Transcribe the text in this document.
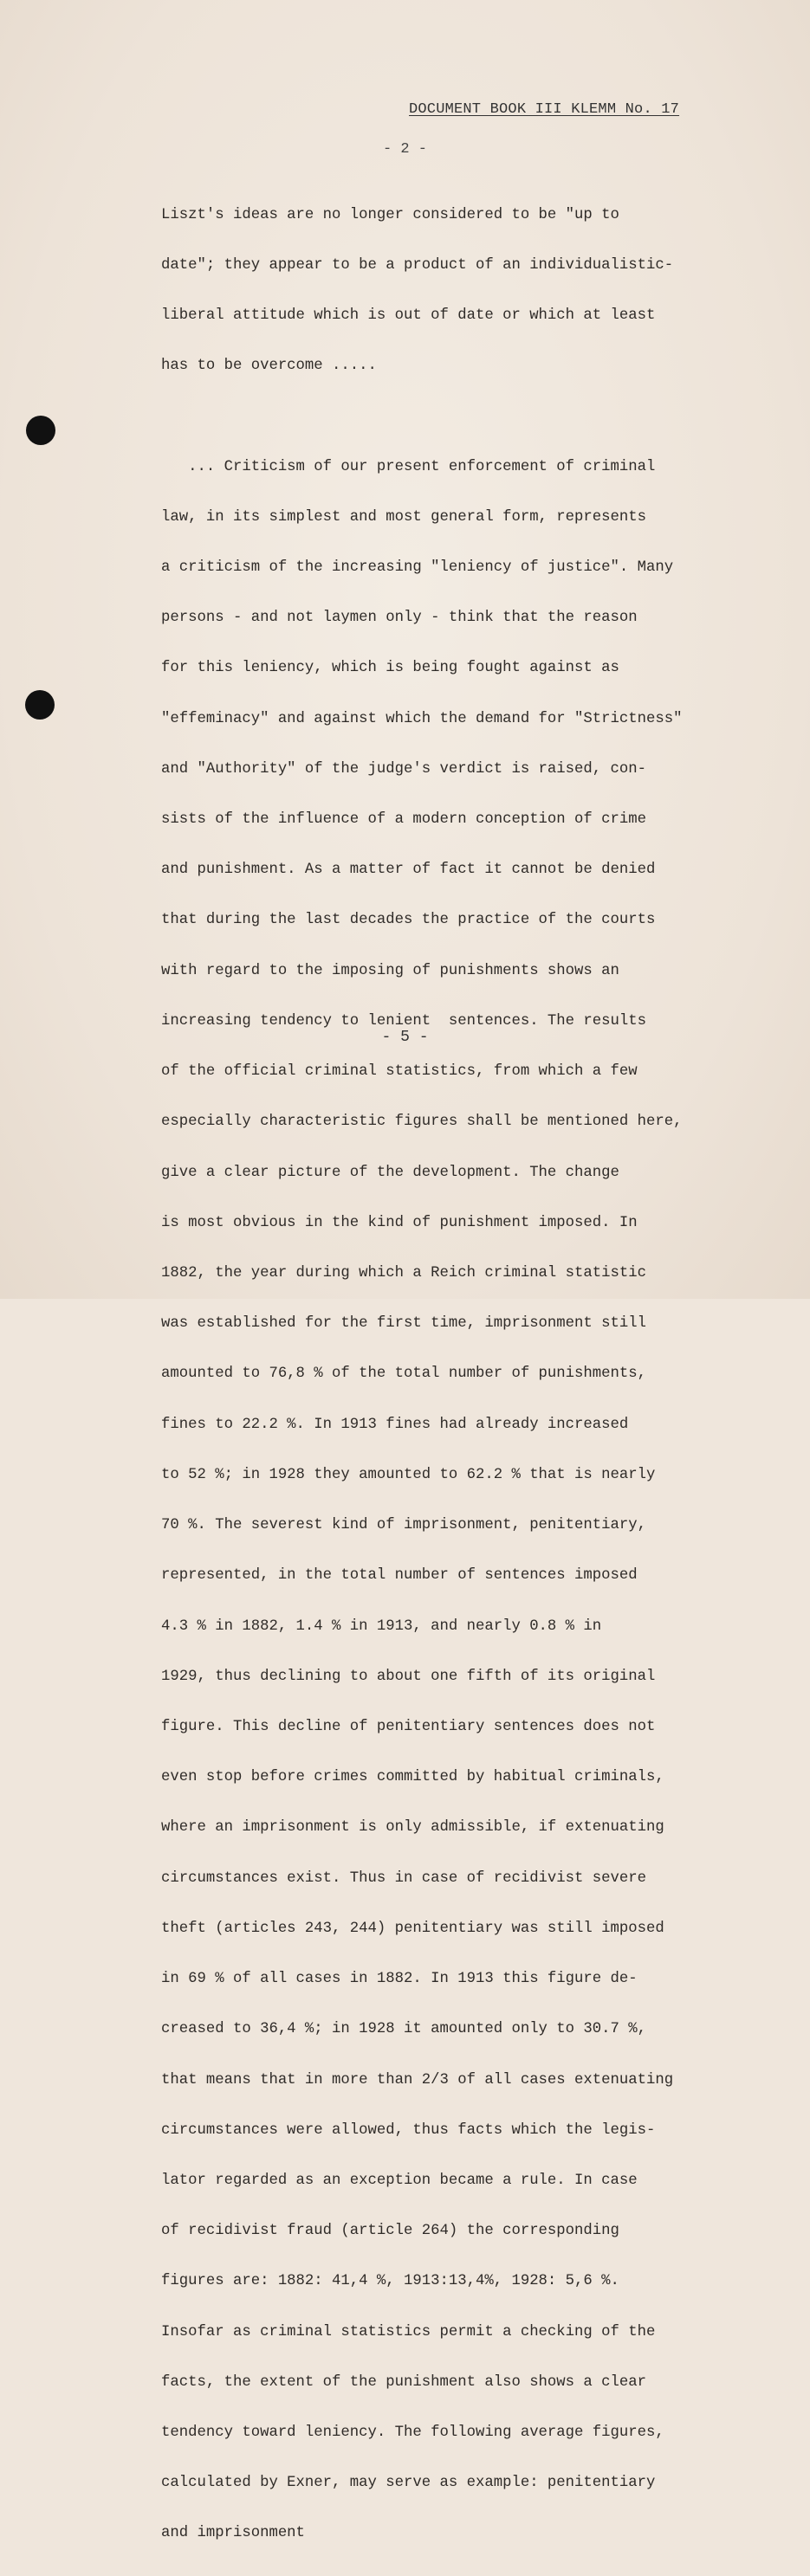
DOCUMENT BOOK III KLEMM No. 17
- 2 -

Liszt's ideas are no longer considered to be "up to

date"; they appear to be a product of an individualistic-

liberal attitude which is out of date or which at least

has to be overcome .....

... Criticism of our present enforcement of criminal

law, in its simplest and most general form, represents

a criticism of the increasing "leniency of justice". Many

persons - and not laymen only - think that the reason

for this leniency, which is being fought against as

"effeminacy" and against which the demand for "Strictness"

and "Authority" of the judge's verdict is raised, con-

sists of the influence of a modern conception of crime

and punishment. As a matter of fact it cannot be denied

that during the last decades the practice of the courts

with regard to the imposing of punishments shows an

increasing tendency to lenient  sentences. The results

of the official criminal statistics, from which a few

especially characteristic figures shall be mentioned here,

give a clear picture of the development. The change

is most obvious in the kind of punishment imposed. In

1882, the year during which a Reich criminal statistic

was established for the first time, imprisonment still

amounted to 76,8 % of the total number of punishments,

fines to 22.2 %. In 1913 fines had already increased

to 52 %; in 1928 they amounted to 62.2 % that is nearly

70 %. The severest kind of imprisonment, penitentiary,

represented, in the total number of sentences imposed

4.3 % in 1882, 1.4 % in 1913, and nearly 0.8 % in

1929, thus declining to about one fifth of its original

figure. This decline of penitentiary sentences does not

even stop before crimes committed by habitual criminals,

where an imprisonment is only admissible, if extenuating

circumstances exist. Thus in case of recidivist severe

theft (articles 243, 244) penitentiary was still imposed

in 69 % of all cases in 1882. In 1913 this figure de-

creased to 36,4 %; in 1928 it amounted only to 30.7 %,

that means that in more than 2/3 of all cases extenuating

circumstances were allowed, thus facts which the legis-

lator regarded as an exception became a rule. In case

of recidivist fraud (article 264) the corresponding

figures are: 1882: 41,4 %, 1913:13,4%, 1928: 5,6 %.

Insofar as criminal statistics permit a checking of the

facts, the extent of the punishment also shows a clear

tendency toward leniency. The following average figures,

calculated by Exner, may serve as example: penitentiary

and imprisonment

- 5 -
